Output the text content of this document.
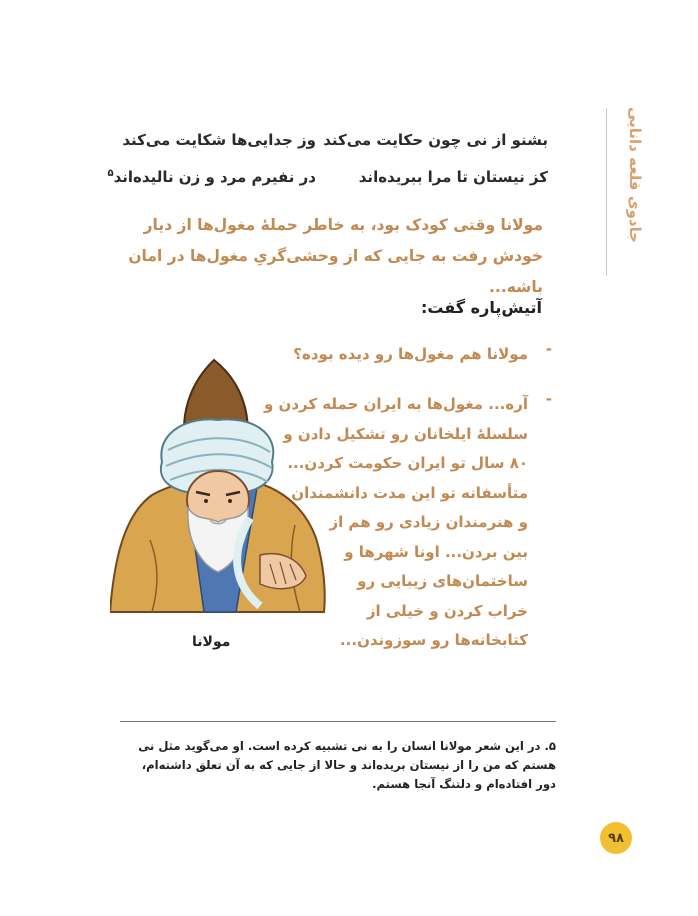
جادوی قلعه دانایی
بشنو از نی چون حکایت می‌کند
وز جدایی‌ها شکایت می‌کند
کز نیستان تا مرا ببریده‌اند
در نفیرم مرد و زن نالیده‌اند$^۵$
مولانا وقتی کودک بود، به خاطر حملهٔ مغول‌ها از دیار خودش رفت به جایی که از وحشی‌گریِ مغول‌ها در امان باشه...
آتیش‌پاره گفت:
-
مولانا هم مغول‌ها رو دیده بوده؟
-
آره... مغول‌ها به ایران حمله کردن و
سلسلهٔ ایلخانان رو تشکیل دادن و
۸۰ سال تو ایران حکومت کردن...
متأسفانه تو این مدت دانشمندان
و هنرمندان زیادی رو هم از
بین بردن... اونا شهرها و
ساختمان‌های زیبایی رو
خراب کردن و خیلی از
کتابخانه‌ها رو سوزوندن...
مولانا
۵. در این شعر مولانا انسان را به نی تشبیه کرده است. او می‌گوید مثل نی هستم که من را از نیستان بریده‌اند و حالا از جایی که به آن تعلق داشته‌ام، دور افتاده‌ام و دلتنگ آنجا هستم.
۹۸
